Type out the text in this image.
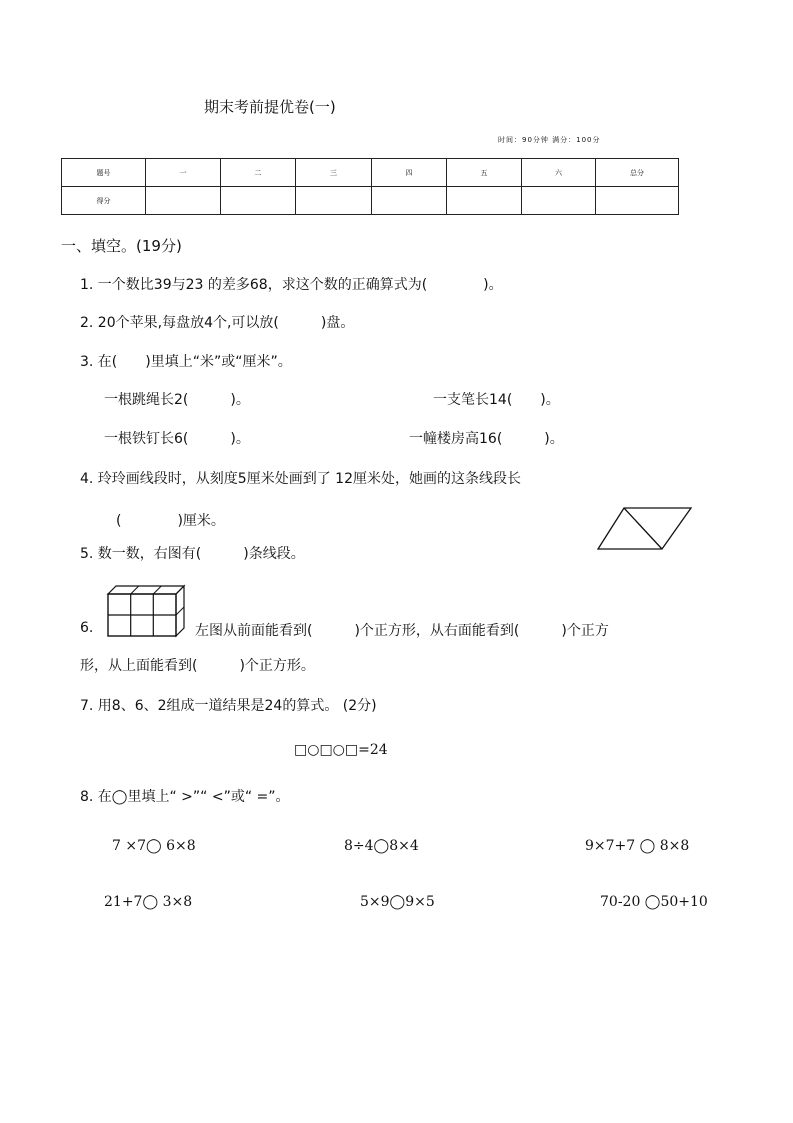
期末考前提优卷(一)
时间：90分钟 满分：100分
题号	一	二	三	四	五	六	总分
得分							
一、填空。(19分)
1. 一个数比39与23 的差多68，求这个数的正确算式为(　　　　)。
2. 20个苹果,每盘放4个,可以放(　　　)盘。
3. 在(　　)里填上“米”或“厘米”。
一根跳绳长2(　　　)。	一支笔长14(　　)。
一根铁钉长6(　　　)。	一幢楼房高16(　　　)。
4. 玲玲画线段时，从刻度5厘米处画到了 12厘米处，她画的这条线段长
(　　　　)厘米。
5. 数一数，右图有(　　　)条线段。
6.	左图从前面能看到(　　　)个正方形，从右面能看到(　　　)个正方
形，从上面能看到(　　　)个正方形。
7. 用8、6、2组成一道结果是24的算式。 (2分)
□○□○□=24
8. 在◯里填上“ >”“ <”或“ =”。
7 ×7◯ 6×8	8÷4◯8×4	9×7+7 ◯ 8×8
21+7◯ 3×8	5×9◯9×5	70-20 ◯50+10
